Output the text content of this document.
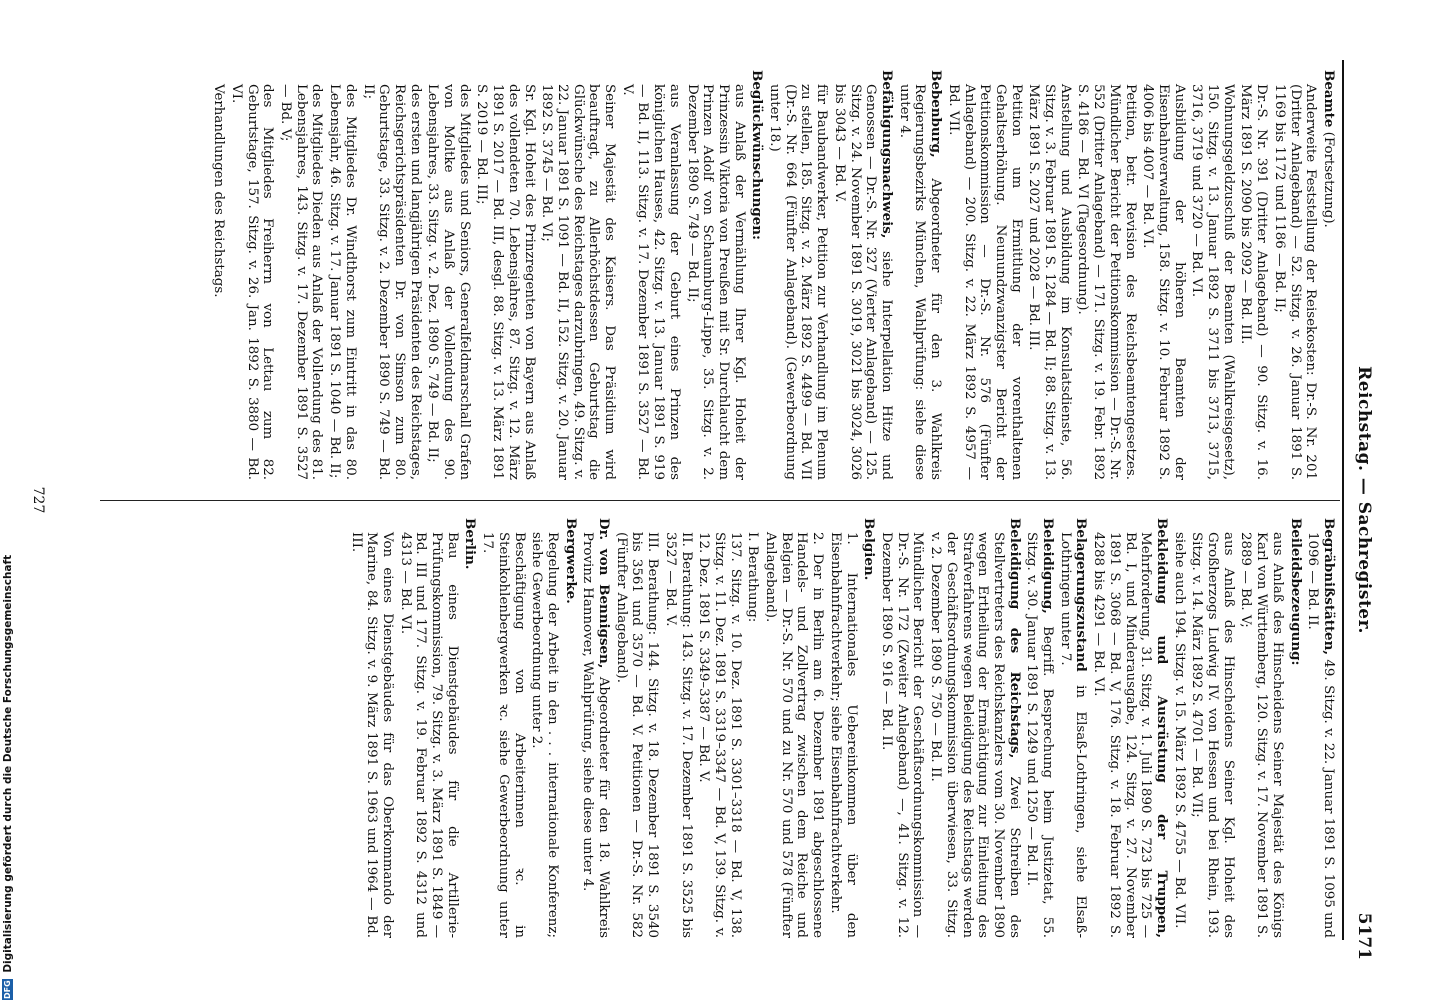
Reichstag. — Sachregister.
5171

Beamte (Fortsetzung).

Anderweite Feststellung der Reisekosten: Dr.-S. Nr. 201 (Dritter Anlageband) — 52. Sitzg. v. 26. Januar 1891 S. 1169 bis 1172 und 1186 — Bd. II;

Dr.-S. Nr. 391 (Dritter Anlageband) — 90. Sitzg. v. 16. März 1891 S. 2090 bis 2092 — Bd. III.

Wohnungsgeldzuschuß der Beamten (Wahlkreisgesetz), 150. Sitzg. v. 13. Januar 1892 S. 3711 bis 3713, 3715, 3716, 3719 und 3720 — Bd. VI.

Ausbildung der höheren Beamten der Eisenbahnverwaltung, 158. Sitzg. v. 10. Februar 1892 S. 4006 bis 4007 — Bd. VI.

Petition, betr. Revision des Reichsbeamtengesetzes. Mündlicher Bericht der Petitionskommission — Dr.-S. Nr. 552 (Dritter Anlageband) — 171. Sitzg. v. 19. Febr. 1892 S. 4186 — Bd. VI (Tagesordnung).

Anstellung und Ausbildung im Konsulatsdienste, 56. Sitzg. v. 3. Februar 1891 S. 1284 — Bd. II; 88. Sitzg. v. 13. März 1891 S. 2027 und 2028 — Bd. III.

Petition um Ermittlung der vorenthaltenen Gehaltserhöhung. Neunundzwanzigster Bericht der Petitionskommission — Dr.-S. Nr. 576 (Fünfter Anlageband) — 200. Sitzg. v. 22. März 1892 S. 4957 — Bd. VII.

Bebenburg, Abgeordneter für den 3. Wahlkreis Regierungsbezirks München, Wahlprüfung: siehe diese unter 4.

Befähigungsnachweis, siehe Interpellation Hitze und Genossen — Dr.-S. Nr. 327 (Vierter Anlageband) — 125. Sitzg. v. 24. November 1891 S. 3019, 3021 bis 3024, 3026 bis 3043 — Bd. V.

für Baubandwerker, Petition zur Verhandlung im Plenum zu stellen, 185. Sitzg. v. 2. März 1892 S. 4499 — Bd. VII (Dr.-S. Nr. 664 (Fünfter Anlageband). (Gewerbeordnung unter 18.)

Beglückwünschungen:

aus Anlaß der Vermählung Ihrer Kgl. Hoheit der Prinzessin Viktoria von Preußen mit Sr. Durchlaucht dem Prinzen Adolf von Schaumburg-Lippe, 35. Sitzg. v. 2. Dezember 1890 S. 749 — Bd. II;

aus Veranlassung der Geburt eines Prinzen des königlichen Hauses, 42. Sitzg. v. 13. Januar 1891 S. 919 — Bd. II, 113. Sitzg. v. 17. Dezember 1891 S. 3527 — Bd. V.

Seiner Majestät des Kaisers. Das Präsidium wird beauftragt, zu Allerhöchstdessen Geburtstag die Glückwünsche des Reichstages darzubringen, 49. Sitzg. v. 22. Januar 1891 S. 1091 — Bd. II, 152. Sitzg. v. 20. Januar 1892 S. 3745 — Bd. VI;

Sr. Kgl. Hoheit des Prinzregenten von Bayern aus Anlaß des vollendeten 70. Lebensjahres, 87. Sitzg. v. 12. März 1891 S. 2017 — Bd. III, desgl. 88. Sitzg. v. 13. März 1891 S. 2019 — Bd. III;

des Mitgliedes und Seniors, Generalfeldmarschall Grafen von Moltke aus Anlaß der Vollendung des 90. Lebensjahres, 33. Sitzg. v. 2. Dez. 1890 S. 749 — Bd. II;

des ersten und langjährigen Präsidenten des Reichstages, Reichsgerichtspräsidenten Dr. von Simson zum 80. Geburtstage, 33. Sitzg. v. 2. Dezember 1890 S. 749 — Bd. II;

des Mitgliedes Dr. Windthorst zum Eintritt in das 80. Lebensjahr, 46. Sitzg. v. 17. Januar 1891 S. 1040 — Bd. II;

des Mitgliedes Dieden aus Anlaß der Vollendung des 81. Lebensjahres, 143. Sitzg. v. 17. Dezember 1891 S. 3527 — Bd. V;

des Mitgliedes Freiherrn von Lettau zum 82. Geburtstage, 157. Sitzg. v. 26. Jan. 1892 S. 3880 — Bd. VI.

Verhandlungen des Reichstags.

Begräbnißstätten, 49. Sitzg. v. 22. Januar 1891 S. 1095 und 1096 — Bd. II.

Beileidsbezeugung:

aus Anlaß des Hinscheidens Seiner Majestät des Königs Karl von Württemberg, 120. Sitzg. v. 17. November 1891 S. 2889 — Bd. V;

aus Anlaß des Hinscheidens Seiner Kgl. Hoheit des Großherzogs Ludwig IV. von Hessen und bei Rhein, 193. Sitzg. v. 14. März 1892 S. 4701 — Bd. VII;

siehe auch 194. Sitzg. v. 15. März 1892 S. 4755 — Bd. VII.

Bekleidung und Ausrüstung der Truppen, Mehrforderung, 31. Sitzg. v. 1. Juli 1890 S. 723 bis 725 — Bd. I, und Minderausgabe, 124. Sitzg. v. 27. November 1891 S. 3068 — Bd. V, 176. Sitzg. v. 18. Februar 1892 S. 4288 bis 4291 — Bd. VI.

Belagerungszustand in Elsaß-Lothringen, siehe Elsaß-Lothringen unter 7.

Beleidigung, Begriff. Besprechung beim Justizetat, 55. Sitzg. v. 30. Januar 1891 S. 1249 und 1250 — Bd. II.

Beleidigung des Reichstags, Zwei Schreiben des Stellvertreters des Reichskanzlers vom 30. November 1890 wegen Ertheilung der Ermächtigung zur Einleitung des Strafverfahrens wegen Beleidigung des Reichstags werden der Geschäftsordnungskommission überwiesen, 33. Sitzg. v. 2. Dezember 1890 S. 750 — Bd. II.

Mündlicher Bericht der Geschäftsordnungskommission — Dr.-S. Nr. 172 (Zweiter Anlageband) —, 41. Sitzg. v. 12. Dezember 1890 S. 916 — Bd. II.

Belgien.

1. Internationales Uebereinkommen über den Eisenbahnfrachtverkehr; siehe Eisenbahnfrachtverkehr.

2. Der in Berlin am 6. Dezember 1891 abgeschlossene Handels- und Zollvertrag zwischen dem Reiche und Belgien — Dr.-S. Nr. 570 und zu Nr. 570 und 578 (Fünfter Anlageband).

I. Berathung:

137. Sitzg. v. 10. Dez. 1891 S. 3301–3318 — Bd. V, 138. Sitzg. v. 11. Dez. 1891 S. 3319–3347 — Bd. V, 139. Sitzg. v. 12. Dez. 1891 S. 3349–3387 — Bd. V.

II. Berathung: 143. Sitzg. v. 17. Dezember 1891 S. 3525 bis 3527 — Bd. V.

III. Berathung: 144. Sitzg. v. 18. Dezember 1891 S. 3540 bis 3561 und 3570 — Bd. V. Petitionen — Dr.-S. Nr. 582 (Fünfter Anlageband).

Dr. von Bennigsen, Abgeordneter für den 18. Wahlkreis Provinz Hannover, Wahlprüfung, siehe diese unter 4.

Bergwerke.

Regelung der Arbeit in den . . . internationale Konferenz; siehe Gewerbeordnung unter 2.

Beschäftigung von Arbeiterinnen ꝛc. in Steinkohlenbergwerken ꝛc. siehe Gewerbeordnung unter 17.

Berlin.

Bau eines Dienstgebäudes für die Artillerie-Prüfungskommission, 79. Sitzg. v. 3. März 1891 S. 1849 — Bd. III und 177. Sitzg. v. 19. Februar 1892 S. 4312 und 4313 — Bd. VI.

Von eines Dienstgebäudes für das Oberkommando der Marine, 84. Sitzg. v. 9. März 1891 S. 1963 und 1964 — Bd. III.

727
DFG Digitalisierung gefördert durch die Deutsche Forschungsgemeinschaft
